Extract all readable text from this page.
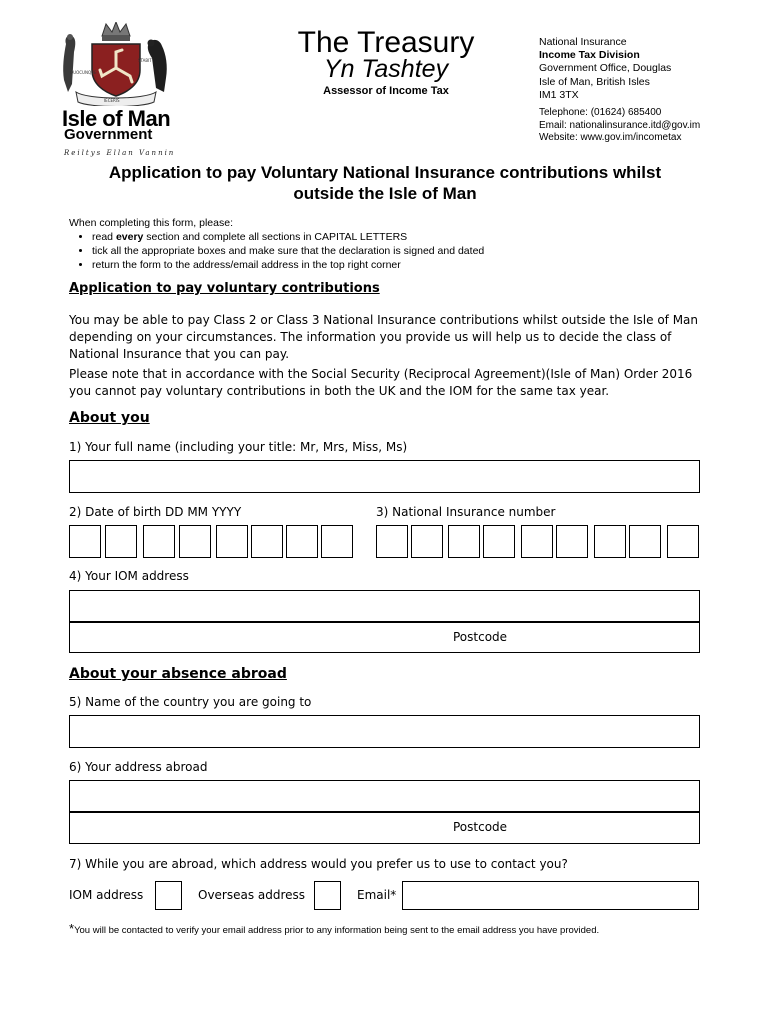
QUOCUNQUE
STABIT
IECERIS
Isle of Man
Government
Reiltys Ellan Vannin
The Treasury
Yn Tashtey
Assessor of Income Tax
National Insurance
Income Tax Division
Government Office, Douglas
Isle of Man, British Isles
IM1 3TX
Telephone: (01624) 685400
Email: nationalinsurance.itd@gov.im
Website: www.gov.im/incometax
Application to pay Voluntary National Insurance contributions whilst
outside the Isle of Man
When completing this form, please:
• read every section and complete all sections in CAPITAL LETTERS
• tick all the appropriate boxes and make sure that the declaration is signed and dated
• return the form to the address/email address in the top right corner
Application to pay voluntary contributions
You may be able to pay Class 2 or Class 3 National Insurance contributions whilst outside the Isle of Man depending on your circumstances. The information you provide us will help us to decide the class of National Insurance that you can pay.
Please note that in accordance with the Social Security (Reciprocal Agreement)(Isle of Man) Order 2016 you cannot pay voluntary contributions in both the UK and the IOM for the same tax year.
About you
1) Your full name (including your title: Mr, Mrs, Miss, Ms)
2) Date of birth DD MM YYYY	3) National Insurance number
4) Your IOM address
Postcode
About your absence abroad
5) Name of the country you are going to
6) Your address abroad
Postcode
7) While you are abroad, which address would you prefer us to use to contact you?
IOM address	Overseas address	Email*
*You will be contacted to verify your email address prior to any information being sent to the email address you have provided.
